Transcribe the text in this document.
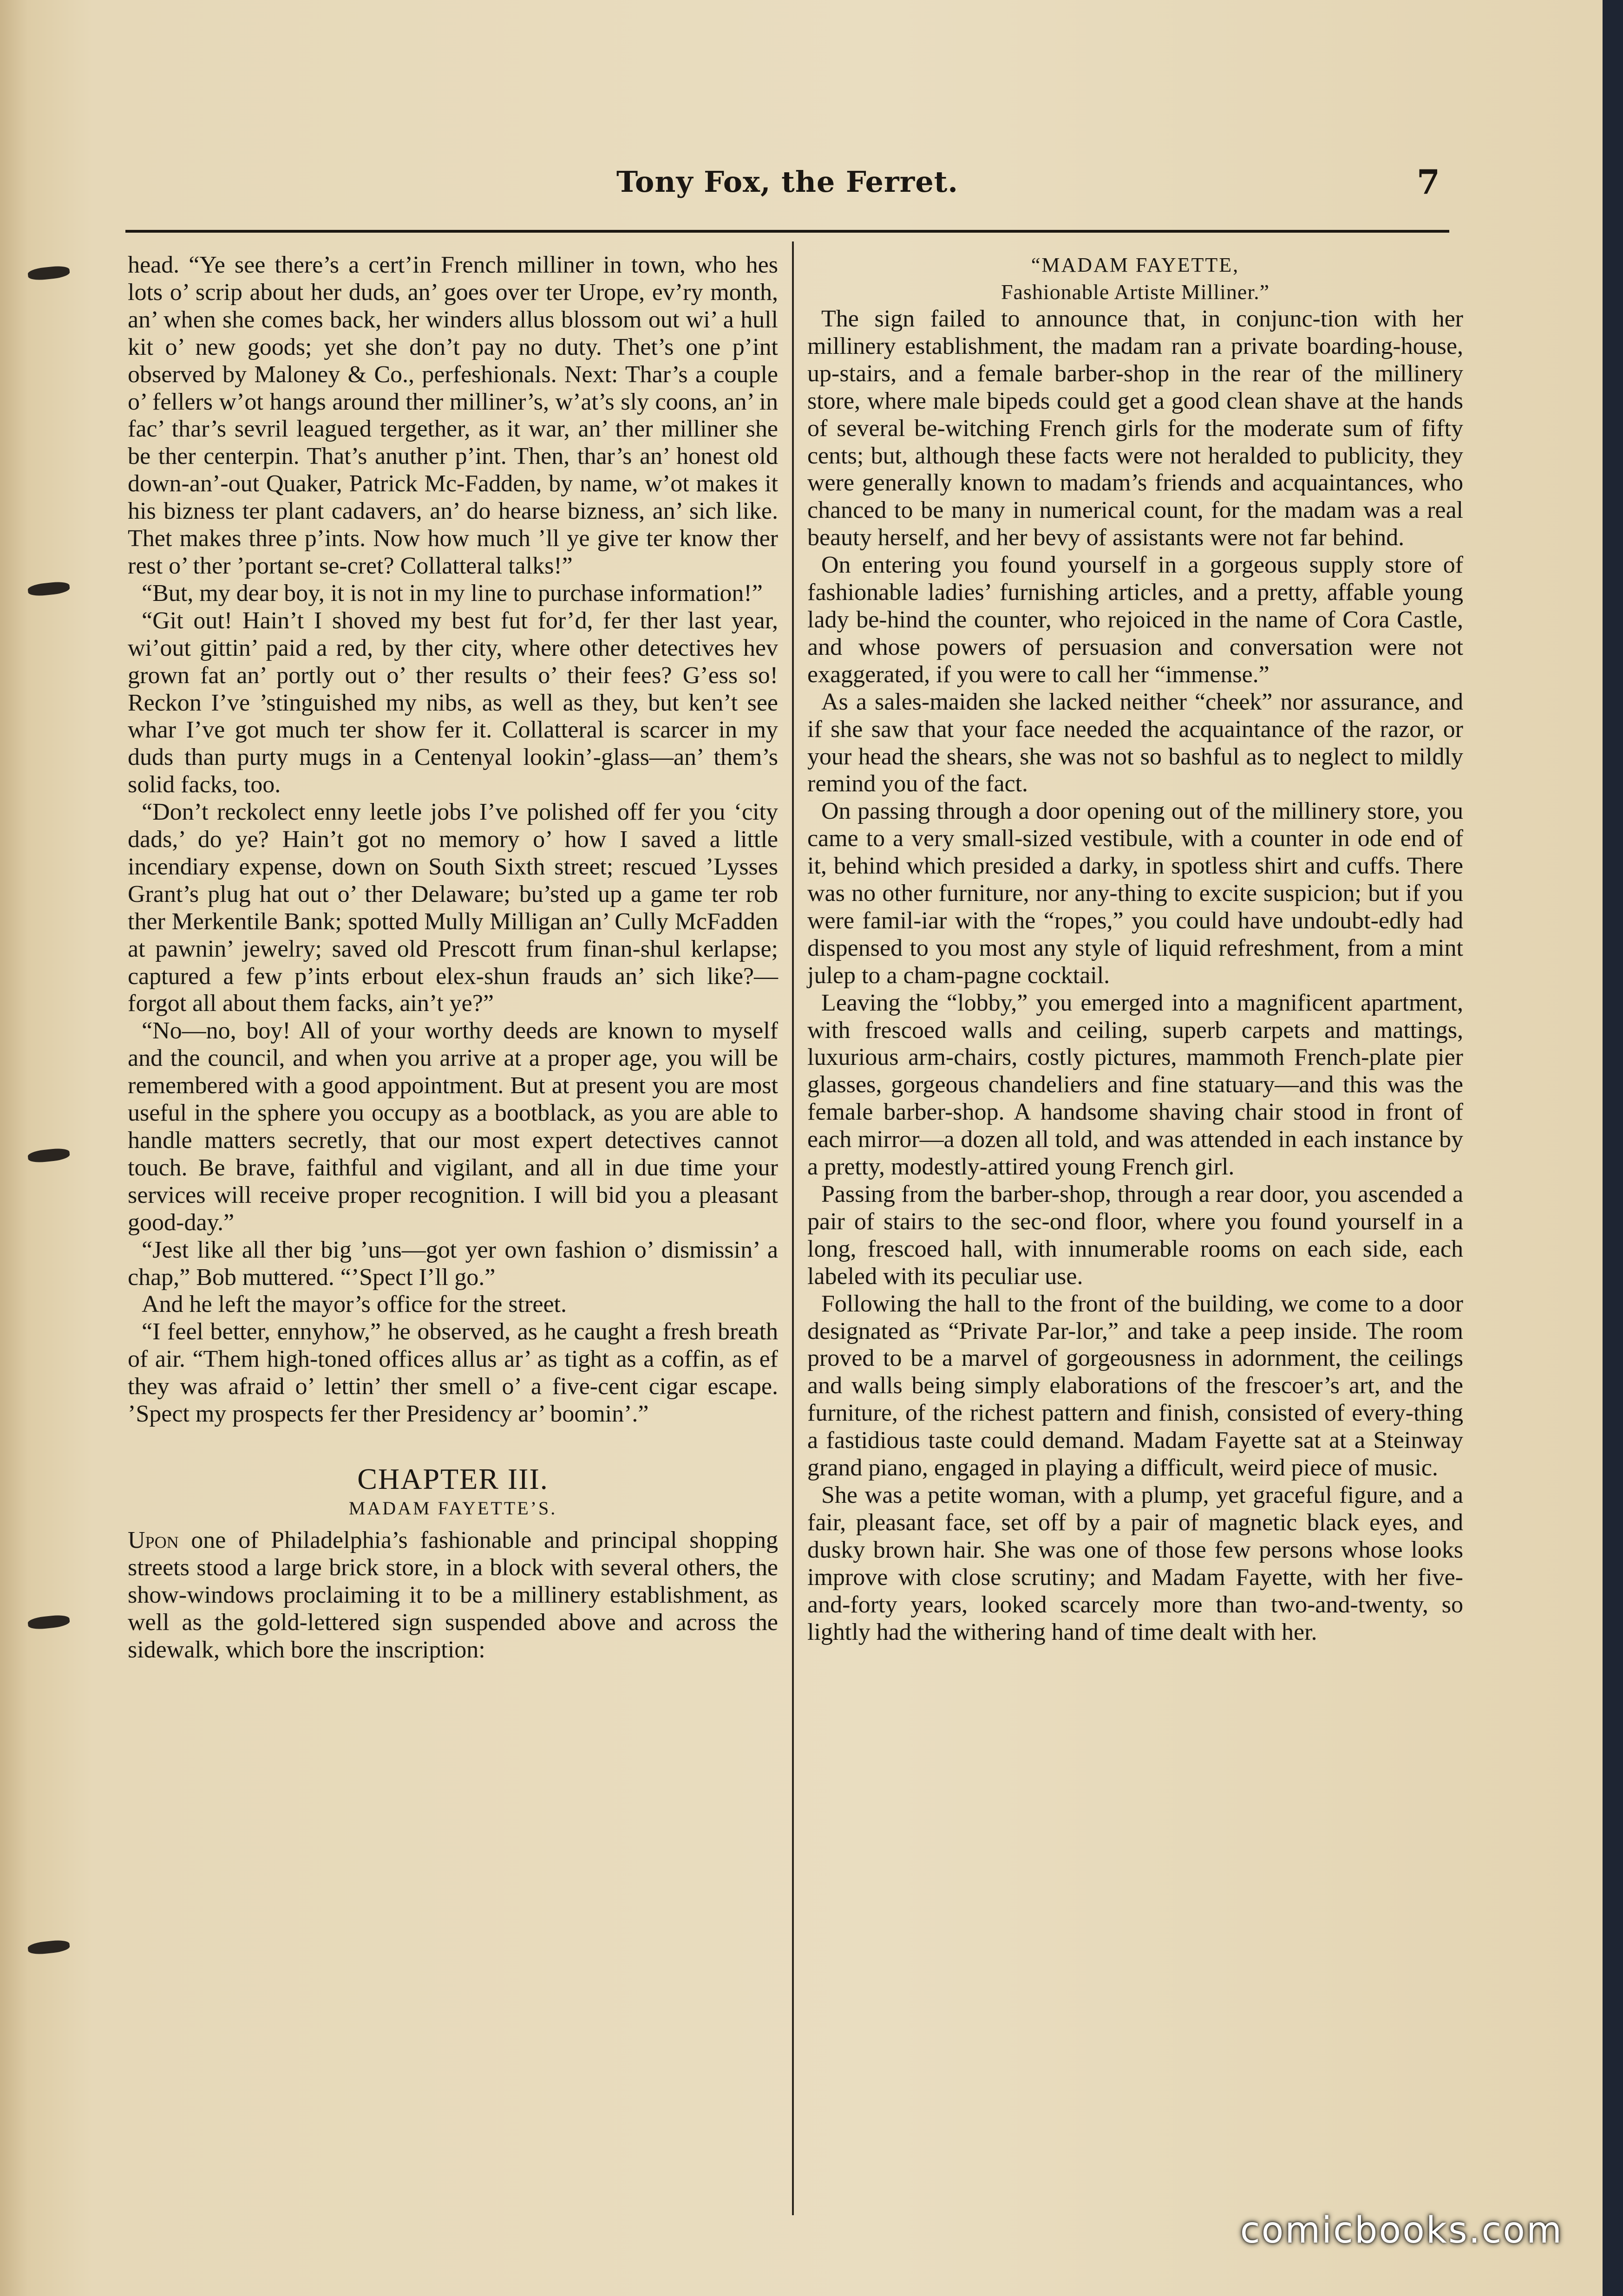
Tony Fox, the Ferret.	7

head. “Ye see there’s a cert’in French milliner in town, who hes lots o’ scrip about her duds, an’ goes over ter Urope, ev’ry month, an’ when she comes back, her winders allus blossom out wi’ a hull kit o’ new goods; yet she don’t pay no duty. Thet’s one p’int observed by Maloney & Co., perfeshionals. Next: Thar’s a couple o’ fellers w’ot hangs around ther milliner’s, w’at’s sly coons, an’ in fac’ thar’s sevril leagued tergether, as it war, an’ ther milliner she be ther centerpin. That’s anuther p’int. Then, thar’s an’ honest old down-an’-out Quaker, Patrick Mc-Fadden, by name, w’ot makes it his bizness ter plant cadavers, an’ do hearse bizness, an’ sich like. Thet makes three p’ints. Now how much ’ll ye give ter know ther rest o’ ther ’portant se-cret? Collatteral talks!”

“But, my dear boy, it is not in my line to purchase information!”

“Git out! Hain’t I shoved my best fut for’d, fer ther last year, wi’out gittin’ paid a red, by ther city, where other detectives hev grown fat an’ portly out o’ ther results o’ their fees? G’ess so! Reckon I’ve ’stinguished my nibs, as well as they, but ken’t see whar I’ve got much ter show fer it. Collatteral is scarcer in my duds than purty mugs in a Centenyal lookin’-glass—an’ them’s solid facks, too.

“Don’t reckolect enny leetle jobs I’ve polished off fer you ‘city dads,’ do ye? Hain’t got no memory o’ how I saved a little incendiary expense, down on South Sixth street; rescued ’Lysses Grant’s plug hat out o’ ther Delaware; bu’sted up a game ter rob ther Merkentile Bank; spotted Mully Milligan an’ Cully McFadden at pawnin’ jewelry; saved old Prescott frum finan-shul kerlapse; captured a few p’ints erbout elex-shun frauds an’ sich like?—forgot all about them facks, ain’t ye?”

“No—no, boy! All of your worthy deeds are known to myself and the council, and when you arrive at a proper age, you will be remembered with a good appointment. But at present you are most useful in the sphere you occupy as a bootblack, as you are able to handle matters secretly, that our most expert detectives cannot touch. Be brave, faithful and vigilant, and all in due time your services will receive proper recognition. I will bid you a pleasant good-day.”

“Jest like all ther big ’uns—got yer own fashion o’ dismissin’ a chap,” Bob muttered. “’Spect I’ll go.”

And he left the mayor’s office for the street.

“I feel better, ennyhow,” he observed, as he caught a fresh breath of air. “Them high-toned offices allus ar’ as tight as a coffin, as ef they was afraid o’ lettin’ ther smell o’ a five-cent cigar escape. ’Spect my prospects fer ther Presidency ar’ boomin’.”

CHAPTER III.

MADAM FAYETTE’S.

Upon one of Philadelphia’s fashionable and principal shopping streets stood a large brick store, in a block with several others, the show-windows proclaiming it to be a millinery establishment, as well as the gold-lettered sign suspended above and across the sidewalk, which bore the inscription:

“MADAM FAYETTE,

Fashionable Artiste Milliner.”

The sign failed to announce that, in conjunc-tion with her millinery establishment, the madam ran a private boarding-house, up-stairs, and a female barber-shop in the rear of the millinery store, where male bipeds could get a good clean shave at the hands of several be-witching French girls for the moderate sum of fifty cents; but, although these facts were not heralded to publicity, they were generally known to madam’s friends and acquaintances, who chanced to be many in numerical count, for the madam was a real beauty herself, and her bevy of assistants were not far behind.

On entering you found yourself in a gorgeous supply store of fashionable ladies’ furnishing articles, and a pretty, affable young lady be-hind the counter, who rejoiced in the name of Cora Castle, and whose powers of persuasion and conversation were not exaggerated, if you were to call her “immense.”

As a sales-maiden she lacked neither “cheek” nor assurance, and if she saw that your face needed the acquaintance of the razor, or your head the shears, she was not so bashful as to neglect to mildly remind you of the fact.

On passing through a door opening out of the millinery store, you came to a very small-sized vestibule, with a counter in ode end of it, behind which presided a darky, in spotless shirt and cuffs. There was no other furniture, nor any-thing to excite suspicion; but if you were famil-iar with the “ropes,” you could have undoubt-edly had dispensed to you most any style of liquid refreshment, from a mint julep to a cham-pagne cocktail.

Leaving the “lobby,” you emerged into a magnificent apartment, with frescoed walls and ceiling, superb carpets and mattings, luxurious arm-chairs, costly pictures, mammoth French-plate pier glasses, gorgeous chandeliers and fine statuary—and this was the female barber-shop. A handsome shaving chair stood in front of each mirror—a dozen all told, and was attended in each instance by a pretty, modestly-attired young French girl.

Passing from the barber-shop, through a rear door, you ascended a pair of stairs to the sec-ond floor, where you found yourself in a long, frescoed hall, with innumerable rooms on each side, each labeled with its peculiar use.

Following the hall to the front of the building, we come to a door designated as “Private Par-lor,” and take a peep inside. The room proved to be a marvel of gorgeousness in adornment, the ceilings and walls being simply elaborations of the frescoer’s art, and the furniture, of the richest pattern and finish, consisted of every-thing a fastidious taste could demand. Madam Fayette sat at a Steinway grand piano, engaged in playing a difficult, weird piece of music.

She was a petite woman, with a plump, yet graceful figure, and a fair, pleasant face, set off by a pair of magnetic black eyes, and dusky brown hair. She was one of those few persons whose looks improve with close scrutiny; and Madam Fayette, with her five-and-forty years, looked scarcely more than two-and-twenty, so lightly had the withering hand of time dealt with her.

comicbooks.com
